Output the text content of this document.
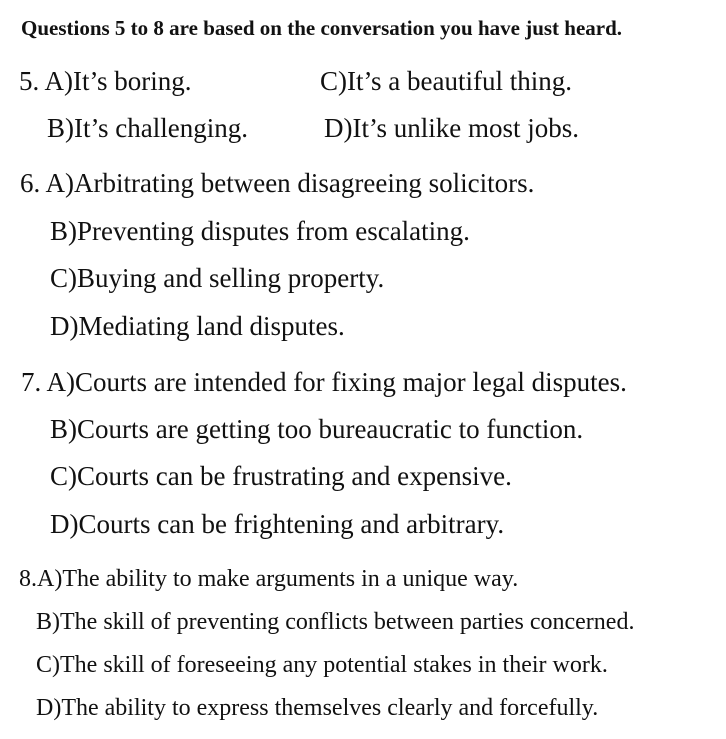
Questions 5 to 8 are based on the conversation you have just heard.
5. A)It’s boring.	C)It’s a beautiful thing.
B)It’s challenging.	D)It’s unlike most jobs.
6. A)Arbitrating between disagreeing solicitors.
B)Preventing disputes from escalating.
C)Buying and selling property.
D)Mediating land disputes.
7. A)Courts are intended for fixing major legal disputes.
B)Courts are getting too bureaucratic to function.
C)Courts can be frustrating and expensive.
D)Courts can be frightening and arbitrary.
8.A)The ability to make arguments in a unique way.
B)The skill of preventing conflicts between parties concerned.
C)The skill of foreseeing any potential stakes in their work.
D)The ability to express themselves clearly and forcefully.
